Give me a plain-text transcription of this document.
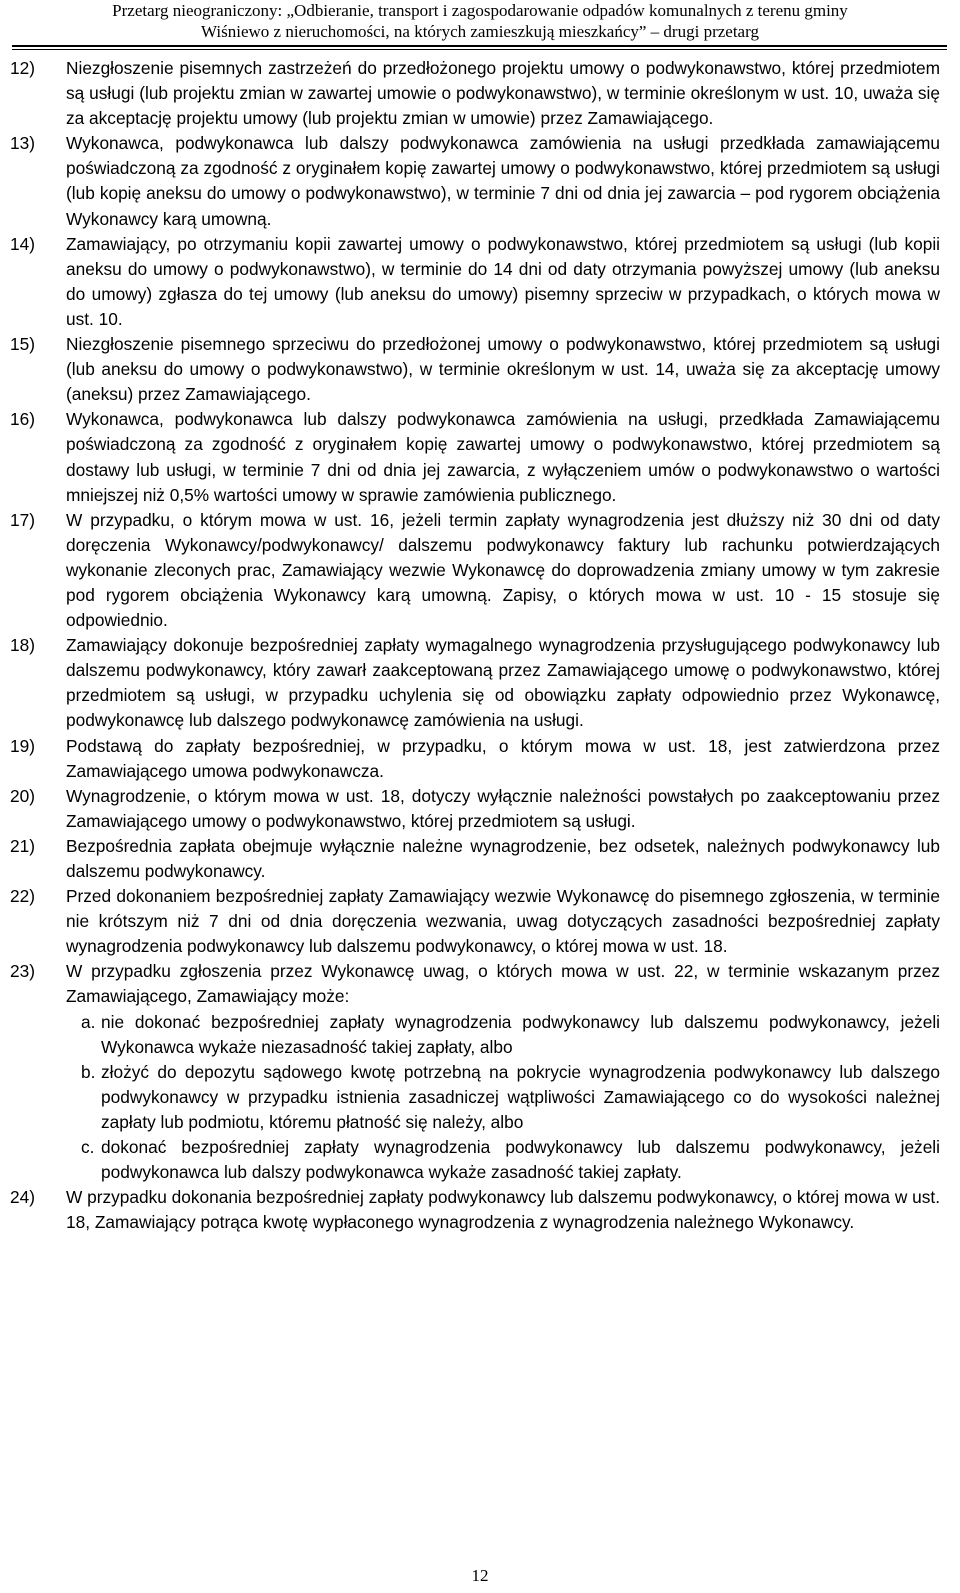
Przetarg nieograniczony: „Odbieranie, transport i zagospodarowanie odpadów komunalnych z terenu gminy
Wiśniewo z nieruchomości, na których zamieszkują mieszkańcy” – drugi przetarg
12)	Niezgłoszenie pisemnych zastrzeżeń do przedłożonego projektu umowy o podwykonawstwo, której przedmiotem są usługi (lub projektu zmian w zawartej umowie o podwykonawstwo), w terminie określonym w ust. 10, uważa się za akceptację projektu umowy (lub projektu zmian w umowie) przez Zamawiającego.
13)	Wykonawca, podwykonawca lub dalszy podwykonawca zamówienia na usługi przedkłada zamawiającemu poświadczoną za zgodność z oryginałem kopię zawartej umowy o podwykonawstwo, której przedmiotem są usługi (lub kopię aneksu do umowy o podwykonawstwo), w terminie 7 dni od dnia jej zawarcia – pod rygorem obciążenia Wykonawcy karą umowną.
14)	Zamawiający, po otrzymaniu kopii zawartej umowy o podwykonawstwo, której przedmiotem są usługi (lub kopii aneksu do umowy o podwykonawstwo), w terminie do 14 dni od daty otrzymania powyższej umowy (lub aneksu do umowy) zgłasza do tej umowy (lub aneksu do umowy) pisemny sprzeciw w przypadkach, o których mowa w ust. 10.
15)	Niezgłoszenie pisemnego sprzeciwu do przedłożonej umowy o podwykonawstwo, której przedmiotem są usługi (lub aneksu do umowy o podwykonawstwo), w terminie określonym w ust. 14, uważa się za akceptację umowy (aneksu) przez Zamawiającego.
16)	Wykonawca, podwykonawca lub dalszy podwykonawca zamówienia na usługi, przedkłada Zamawiającemu poświadczoną za zgodność z oryginałem kopię zawartej umowy o podwykonawstwo, której przedmiotem są dostawy lub usługi, w terminie 7 dni od dnia jej zawarcia, z wyłączeniem umów o podwykonawstwo o wartości mniejszej niż 0,5% wartości umowy w sprawie zamówienia publicznego.
17)	W przypadku, o którym mowa w ust. 16, jeżeli termin zapłaty wynagrodzenia jest dłuższy niż 30 dni od daty doręczenia Wykonawcy/podwykonawcy/ dalszemu podwykonawcy faktury lub rachunku potwierdzających wykonanie zleconych prac, Zamawiający wezwie Wykonawcę do doprowadzenia zmiany umowy w tym zakresie pod rygorem obciążenia Wykonawcy karą umowną. Zapisy, o których mowa w ust. 10 - 15 stosuje się odpowiednio.
18)	Zamawiający dokonuje bezpośredniej zapłaty wymagalnego wynagrodzenia przysługującego podwykonawcy lub dalszemu podwykonawcy, który zawarł zaakceptowaną przez Zamawiającego umowę o podwykonawstwo, której przedmiotem są usługi, w przypadku uchylenia się od obowiązku zapłaty odpowiednio przez Wykonawcę, podwykonawcę lub dalszego podwykonawcę zamówienia na usługi.
19)	Podstawą do zapłaty bezpośredniej, w przypadku, o którym mowa w ust. 18, jest zatwierdzona przez Zamawiającego umowa podwykonawcza.
20)	Wynagrodzenie, o którym mowa w ust. 18, dotyczy wyłącznie należności powstałych po zaakceptowaniu przez Zamawiającego umowy o podwykonawstwo, której przedmiotem są usługi.
21)	Bezpośrednia zapłata obejmuje wyłącznie należne wynagrodzenie, bez odsetek, należnych podwykonawcy lub dalszemu podwykonawcy.
22)	Przed dokonaniem bezpośredniej zapłaty Zamawiający wezwie Wykonawcę do pisemnego zgłoszenia, w terminie nie krótszym niż 7 dni od dnia doręczenia wezwania, uwag dotyczących zasadności bezpośredniej zapłaty wynagrodzenia podwykonawcy lub dalszemu podwykonawcy, o której mowa w ust. 18.
23)	W przypadku zgłoszenia przez Wykonawcę uwag, o których mowa w ust. 22, w terminie wskazanym przez Zamawiającego, Zamawiający może:
a. nie dokonać bezpośredniej zapłaty wynagrodzenia podwykonawcy lub dalszemu podwykonawcy, jeżeli Wykonawca wykaże niezasadność takiej zapłaty, albo
b. złożyć do depozytu sądowego kwotę potrzebną na pokrycie wynagrodzenia podwykonawcy lub dalszego podwykonawcy w przypadku istnienia zasadniczej wątpliwości Zamawiającego co do wysokości należnej zapłaty lub podmiotu, któremu płatność się należy, albo
c. dokonać bezpośredniej zapłaty wynagrodzenia podwykonawcy lub dalszemu podwykonawcy, jeżeli podwykonawca lub dalszy podwykonawca wykaże zasadność takiej zapłaty.
24)	W przypadku dokonania bezpośredniej zapłaty podwykonawcy lub dalszemu podwykonawcy, o której mowa w ust. 18, Zamawiający potrąca kwotę wypłaconego wynagrodzenia z wynagrodzenia należnego Wykonawcy.
12
